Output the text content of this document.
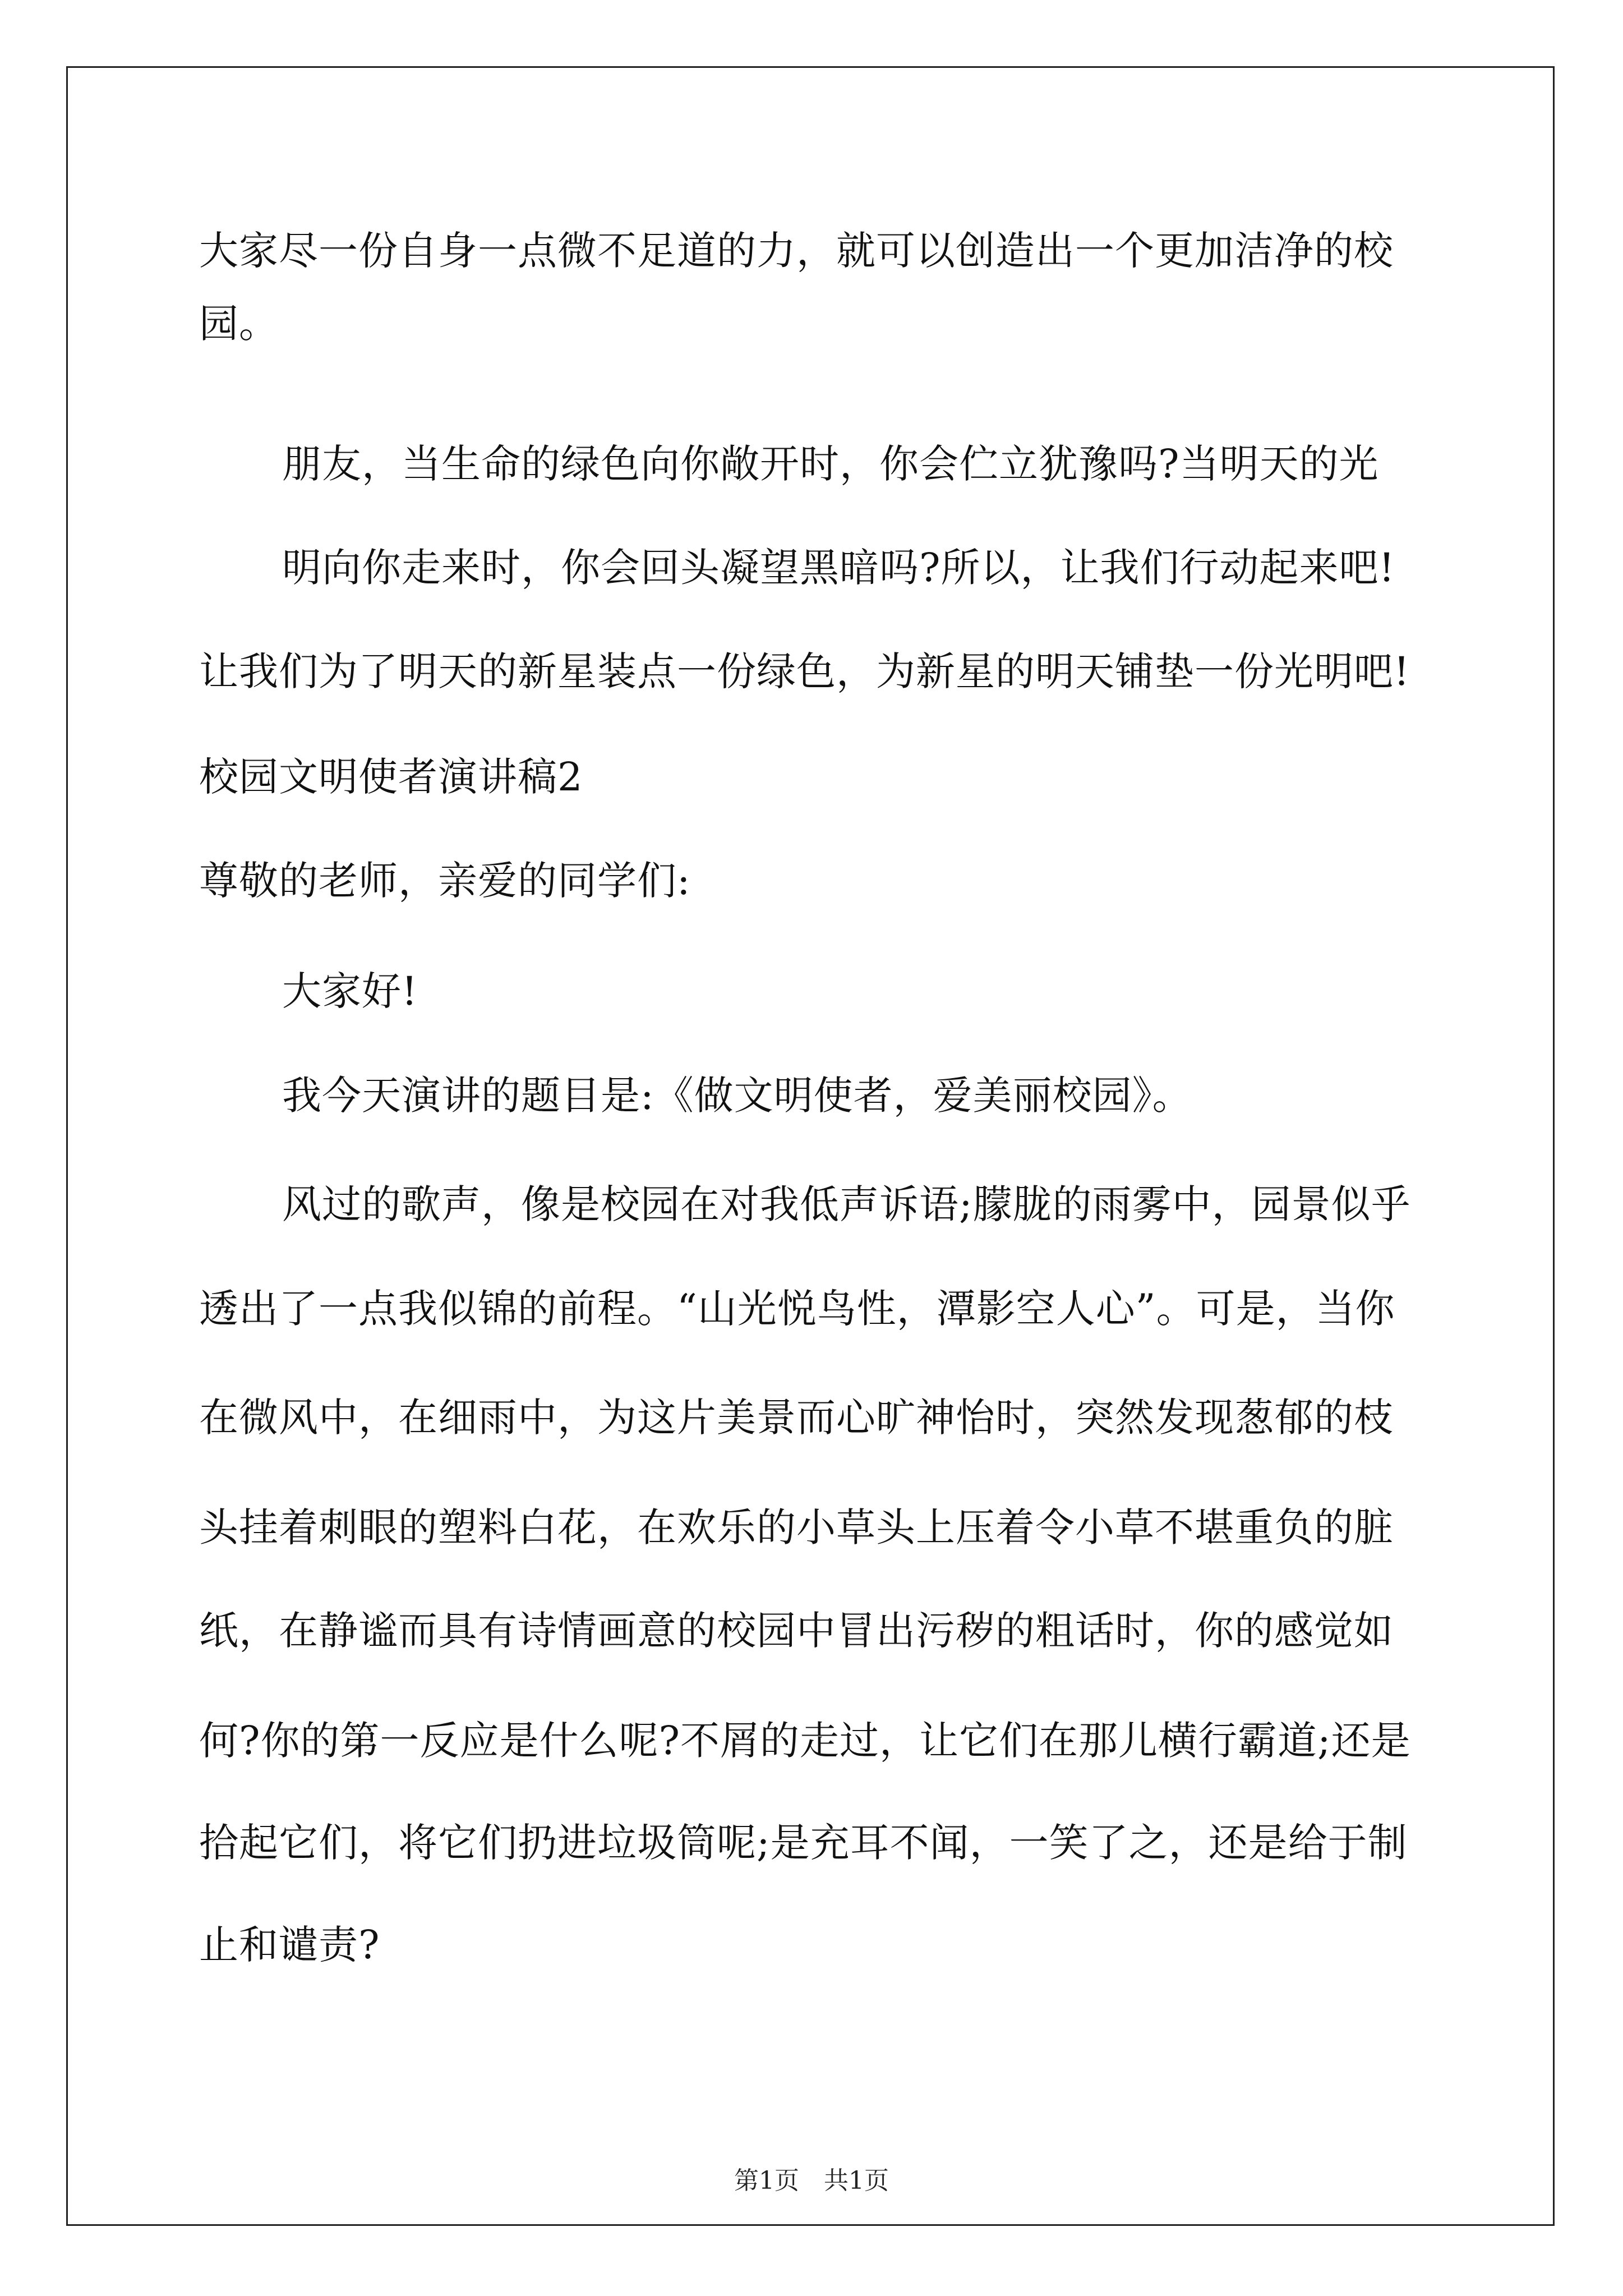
大家尽一份自身一点微不足道的力，就可以创造出一个更加洁净的校
园。
朋友，当生命的绿色向你敞开时，你会伫立犹豫吗?当明天的光
明向你走来时，你会回头凝望黑暗吗?所以，让我们行动起来吧!
让我们为了明天的新星装点一份绿色，为新星的明天铺垫一份光明吧!
校园文明使者演讲稿2
尊敬的老师，亲爱的同学们:
大家好!
我今天演讲的题目是:《做文明使者，爱美丽校园》。
风过的歌声，像是校园在对我低声诉语;朦胧的雨雾中，园景似乎
透出了一点我似锦的前程。“山光悦鸟性，潭影空人心”。可是，当你
在微风中，在细雨中，为这片美景而心旷神怡时，突然发现葱郁的枝
头挂着刺眼的塑料白花，在欢乐的小草头上压着令小草不堪重负的脏
纸，在静谧而具有诗情画意的校园中冒出污秽的粗话时，你的感觉如
何?你的第一反应是什么呢?不屑的走过，让它们在那儿横行霸道;还是
拾起它们，将它们扔进垃圾筒呢;是充耳不闻，一笑了之，还是给于制
止和谴责?
第1页　共1页
